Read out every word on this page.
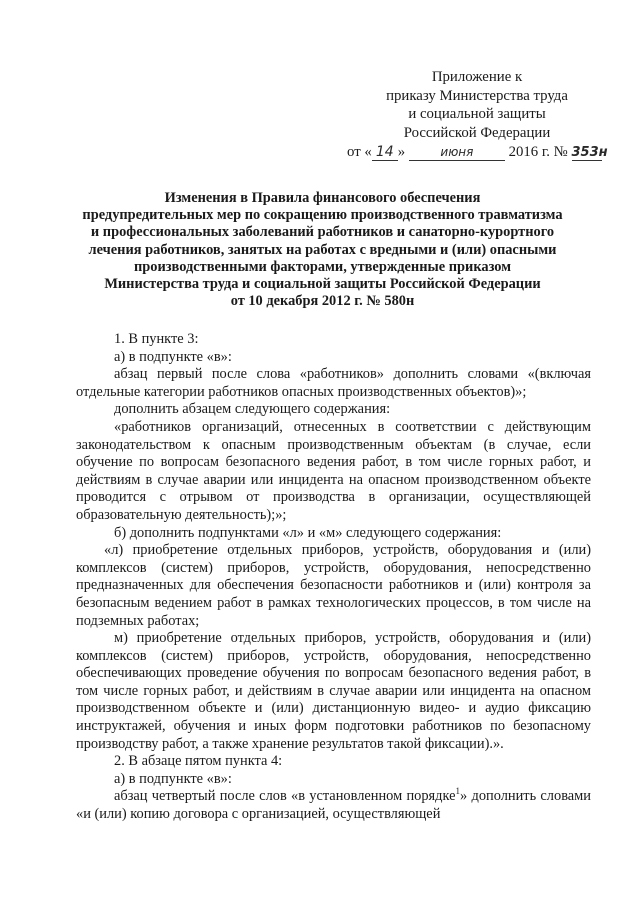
Приложение к
приказу Министерства труда
и социальной защиты
Российской Федерации
от « 14 »	июня 2016 г. № 353н
Изменения в Правила финансового обеспечения
предупредительных мер по сокращению производственного травматизма
и профессиональных заболеваний работников и санаторно-курортного
лечения работников, занятых на работах с вредными и (или) опасными
производственными факторами, утвержденные приказом
Министерства труда и социальной защиты Российской Федерации
от 10 декабря 2012 г. № 580н

1. В пункте 3:

а) в подпункте «в»:

абзац первый после слова «работников» дополнить словами «(включая отдельные категории работников опасных производственных объектов)»;

дополнить абзацем следующего содержания:

«работников организаций, отнесенных в соответствии с действующим законодательством к опасным производственным объектам (в случае, если обучение по вопросам безопасного ведения работ, в том числе горных работ, и действиям в случае аварии или инцидента на опасном производственном объекте проводится с отрывом от производства в организации, осуществляющей образовательную деятельность);»;

б) дополнить подпунктами «л» и «м» следующего содержания:

«л) приобретение отдельных приборов, устройств, оборудования и (или) комплексов (систем) приборов, устройств, оборудования, непосредственно предназначенных для обеспечения безопасности работников и (или) контроля за безопасным ведением работ в рамках технологических процессов, в том числе на подземных работах;

м) приобретение отдельных приборов, устройств, оборудования и (или) комплексов (систем) приборов, устройств, оборудования, непосредственно обеспечивающих проведение обучения по вопросам безопасного ведения работ, в том числе горных работ, и действиям в случае аварии или инцидента на опасном производственном объекте и (или) дистанционную видео- и аудио фиксацию инструктажей, обучения и иных форм подготовки работников по безопасному производству работ, а также хранение результатов такой фиксации).».

2. В абзаце пятом пункта 4:

а) в подпункте «в»:

абзац четвертый после слов «в установленном порядке$^1$» дополнить словами «и (или) копию договора с организацией, осуществляющей
